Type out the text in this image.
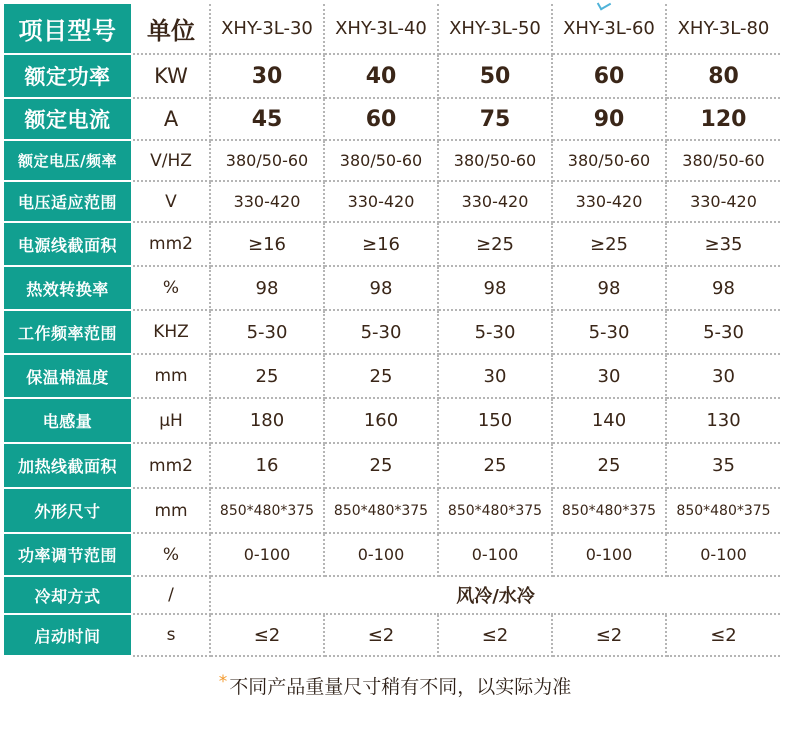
项目型号	单位	XHY-3L-30	XHY-3L-40	XHY-3L-50	XHY-3L-60	XHY-3L-80
额定功率	KW	30	40	50	60	80
额定电流	A	45	60	75	90	120
额定电压/频率	V/HZ	380/50-60	380/50-60	380/50-60	380/50-60	380/50-60
电压适应范围	V	330-420	330-420	330-420	330-420	330-420
电源线截面积	mm2	≥16	≥16	≥25	≥25	≥35
热效转换率	%	98	98	98	98	98
工作频率范围	KHZ	5-30	5-30	5-30	5-30	5-30
保温棉温度	mm	25	25	30	30	30
电感量	μH	180	160	150	140	130
加热线截面积	mm2	16	25	25	25	35
外形尺寸	mm	850*480*375	850*480*375	850*480*375	850*480*375	850*480*375
功率调节范围	%	0-100	0-100	0-100	0-100	0-100
冷却方式	/	风冷/水冷				
启动时间	s	≤2	≤2	≤2	≤2	≤2
* 不同产品重量尺寸稍有不同，以实际为准
